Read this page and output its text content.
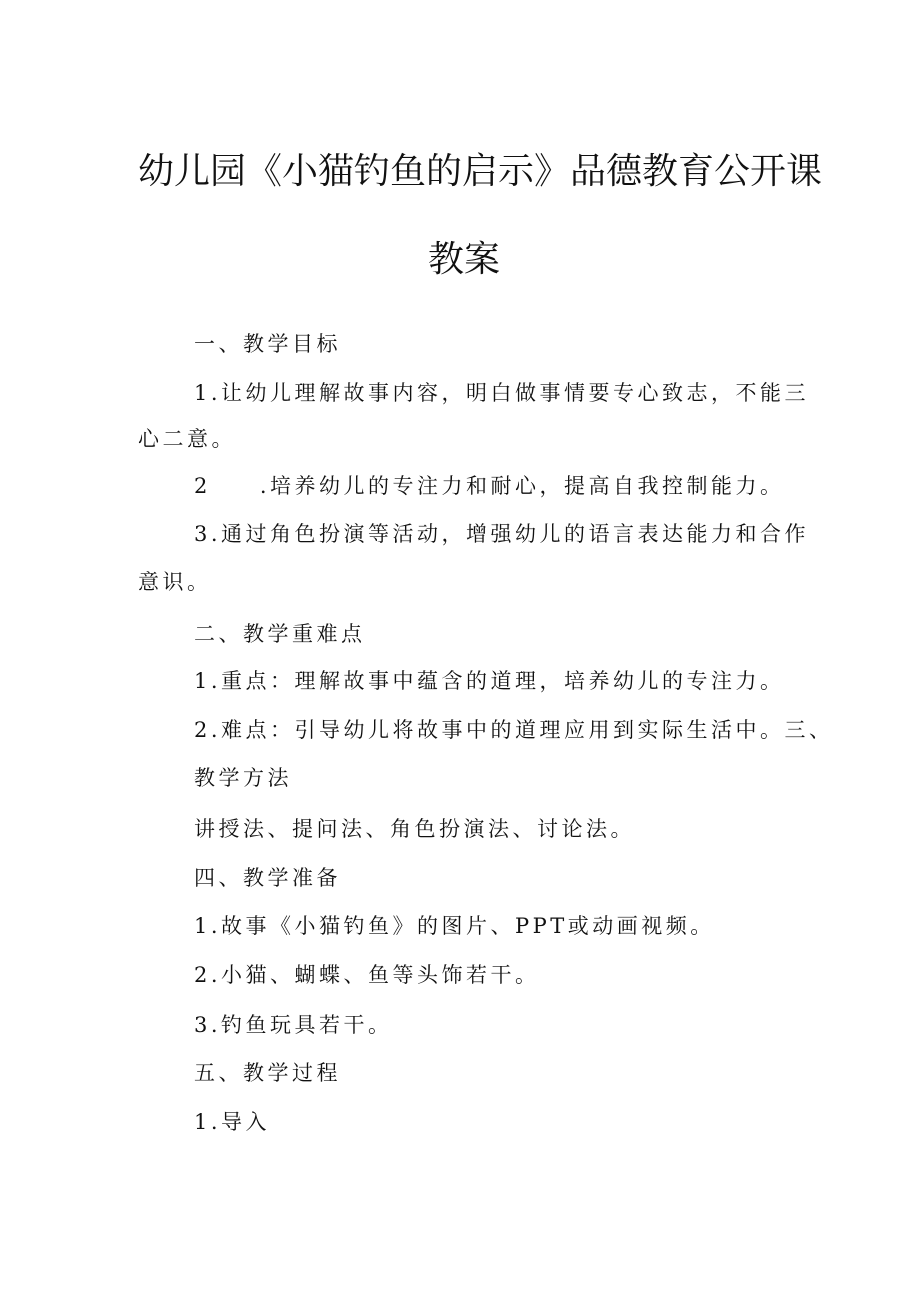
幼儿园《小猫钓鱼的启示》品德教育公开课
教案
一、教学目标
1.让幼儿理解故事内容，明白做事情要专心致志，不能三
心二意。
2　　.培养幼儿的专注力和耐心，提高自我控制能力。
3.通过角色扮演等活动，增强幼儿的语言表达能力和合作
意识。
二、教学重难点
1.重点：理解故事中蕴含的道理，培养幼儿的专注力。
2.难点：引导幼儿将故事中的道理应用到实际生活中。三、
教学方法
讲授法、提问法、角色扮演法、讨论法。
四、教学准备
1.故事《小猫钓鱼》的图片、PPT或动画视频。
2.小猫、蝴蝶、鱼等头饰若干。
3.钓鱼玩具若干。
五、教学过程
1.导入
